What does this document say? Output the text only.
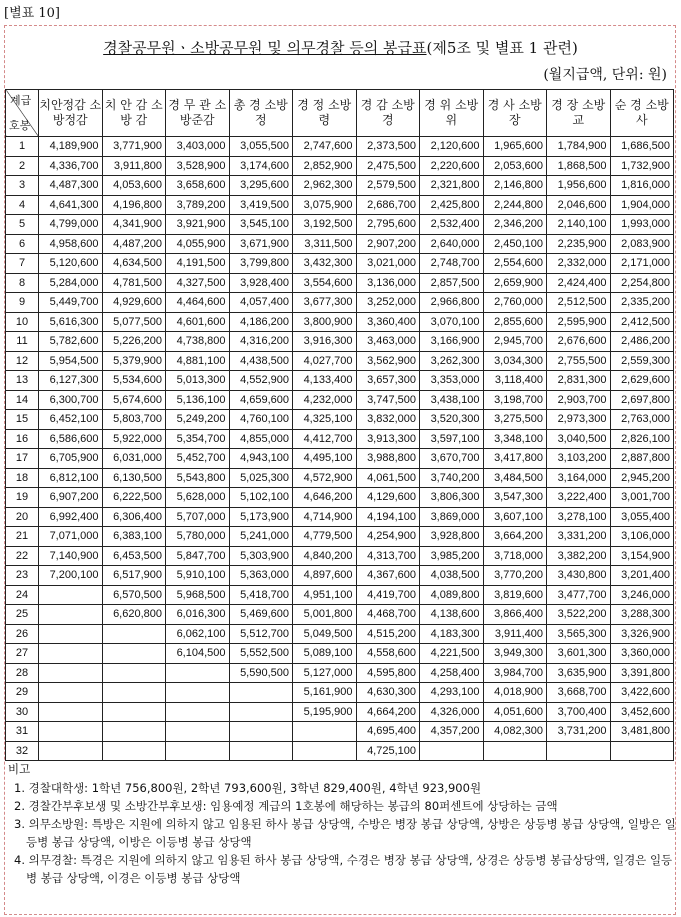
[별표 10]
경찰공무원ㆍ소방공무원 및 의무경찰 등의 봉급표(제5조 및 별표 1 관련)
(월지급액, 단위: 원)
계급
호봉	치안정감 소방정감	치 안 감 소 방 감	경 무 관 소방준감	총 경 소방정	경 정 소방령	경 감 소방경	경 위 소방위	경 사 소방장	경 장 소방교	순 경 소방사
1	4,189,900	3,771,900	3,403,000	3,055,500	2,747,600	2,373,500	2,120,600	1,965,600	1,784,900	1,686,500
2	4,336,700	3,911,800	3,528,900	3,174,600	2,852,900	2,475,500	2,220,600	2,053,600	1,868,500	1,732,900
3	4,487,300	4,053,600	3,658,600	3,295,600	2,962,300	2,579,500	2,321,800	2,146,800	1,956,600	1,816,000
4	4,641,300	4,196,800	3,789,200	3,419,500	3,075,900	2,686,700	2,425,800	2,244,800	2,046,600	1,904,000
5	4,799,000	4,341,900	3,921,900	3,545,100	3,192,500	2,795,600	2,532,400	2,346,200	2,140,100	1,993,000
6	4,958,600	4,487,200	4,055,900	3,671,900	3,311,500	2,907,200	2,640,000	2,450,100	2,235,900	2,083,900
7	5,120,600	4,634,500	4,191,500	3,799,800	3,432,300	3,021,000	2,748,700	2,554,600	2,332,000	2,171,000
8	5,284,000	4,781,500	4,327,500	3,928,400	3,554,600	3,136,000	2,857,500	2,659,900	2,424,400	2,254,800
9	5,449,700	4,929,600	4,464,600	4,057,400	3,677,300	3,252,000	2,966,800	2,760,000	2,512,500	2,335,200
10	5,616,300	5,077,500	4,601,600	4,186,200	3,800,900	3,360,400	3,070,100	2,855,600	2,595,900	2,412,500
11	5,782,600	5,226,200	4,738,800	4,316,200	3,916,300	3,463,000	3,166,900	2,945,700	2,676,600	2,486,200
12	5,954,500	5,379,900	4,881,100	4,438,500	4,027,700	3,562,900	3,262,300	3,034,300	2,755,500	2,559,300
13	6,127,300	5,534,600	5,013,300	4,552,900	4,133,400	3,657,300	3,353,000	3,118,400	2,831,300	2,629,600
14	6,300,700	5,674,600	5,136,100	4,659,600	4,232,000	3,747,500	3,438,100	3,198,700	2,903,700	2,697,800
15	6,452,100	5,803,700	5,249,200	4,760,100	4,325,100	3,832,000	3,520,300	3,275,500	2,973,300	2,763,000
16	6,586,600	5,922,000	5,354,700	4,855,000	4,412,700	3,913,300	3,597,100	3,348,100	3,040,500	2,826,100
17	6,705,900	6,031,000	5,452,700	4,943,100	4,495,100	3,988,800	3,670,700	3,417,800	3,103,200	2,887,800
18	6,812,100	6,130,500	5,543,800	5,025,300	4,572,900	4,061,500	3,740,200	3,484,500	3,164,000	2,945,200
19	6,907,200	6,222,500	5,628,000	5,102,100	4,646,200	4,129,600	3,806,300	3,547,300	3,222,400	3,001,700
20	6,992,400	6,306,400	5,707,000	5,173,900	4,714,900	4,194,100	3,869,000	3,607,100	3,278,100	3,055,400
21	7,071,000	6,383,100	5,780,000	5,241,000	4,779,500	4,254,900	3,928,800	3,664,200	3,331,200	3,106,000
22	7,140,900	6,453,500	5,847,700	5,303,900	4,840,200	4,313,700	3,985,200	3,718,000	3,382,200	3,154,900
23	7,200,100	6,517,900	5,910,100	5,363,000	4,897,600	4,367,600	4,038,500	3,770,200	3,430,800	3,201,400
24		6,570,500	5,968,500	5,418,700	4,951,100	4,419,700	4,089,800	3,819,600	3,477,700	3,246,000
25		6,620,800	6,016,300	5,469,600	5,001,800	4,468,700	4,138,600	3,866,400	3,522,200	3,288,300
26			6,062,100	5,512,700	5,049,500	4,515,200	4,183,300	3,911,400	3,565,300	3,326,900
27			6,104,500	5,552,500	5,089,100	4,558,600	4,221,500	3,949,300	3,601,300	3,360,000
28				5,590,500	5,127,000	4,595,800	4,258,400	3,984,700	3,635,900	3,391,800
29					5,161,900	4,630,300	4,293,100	4,018,900	3,668,700	3,422,600
30					5,195,900	4,664,200	4,326,000	4,051,600	3,700,400	3,452,600
31						4,695,400	4,357,200	4,082,300	3,731,200	3,481,800
32						4,725,100				
비고
1. 경찰대학생: 1학년 756,800원, 2학년 793,600원, 3학년 829,400원, 4학년 923,900원
2. 경찰간부후보생 및 소방간부후보생: 임용예정 계급의 1호봉에 해당하는 봉급의 80퍼센트에 상당하는 금액
3. 의무소방원: 특방은 지원에 의하지 않고 임용된 하사 봉급 상당액, 수방은 병장 봉급 상당액, 상방은 상등병 봉급 상당액, 일방은 일등병 봉급 상당액, 이방은 이등병 봉급 상당액
4. 의무경찰: 특경은 지원에 의하지 않고 임용된 하사 봉급 상당액, 수경은 병장 봉급 상당액, 상경은 상등병 봉급상당액, 일경은 일등병 봉급 상당액, 이경은 이등병 봉급 상당액
